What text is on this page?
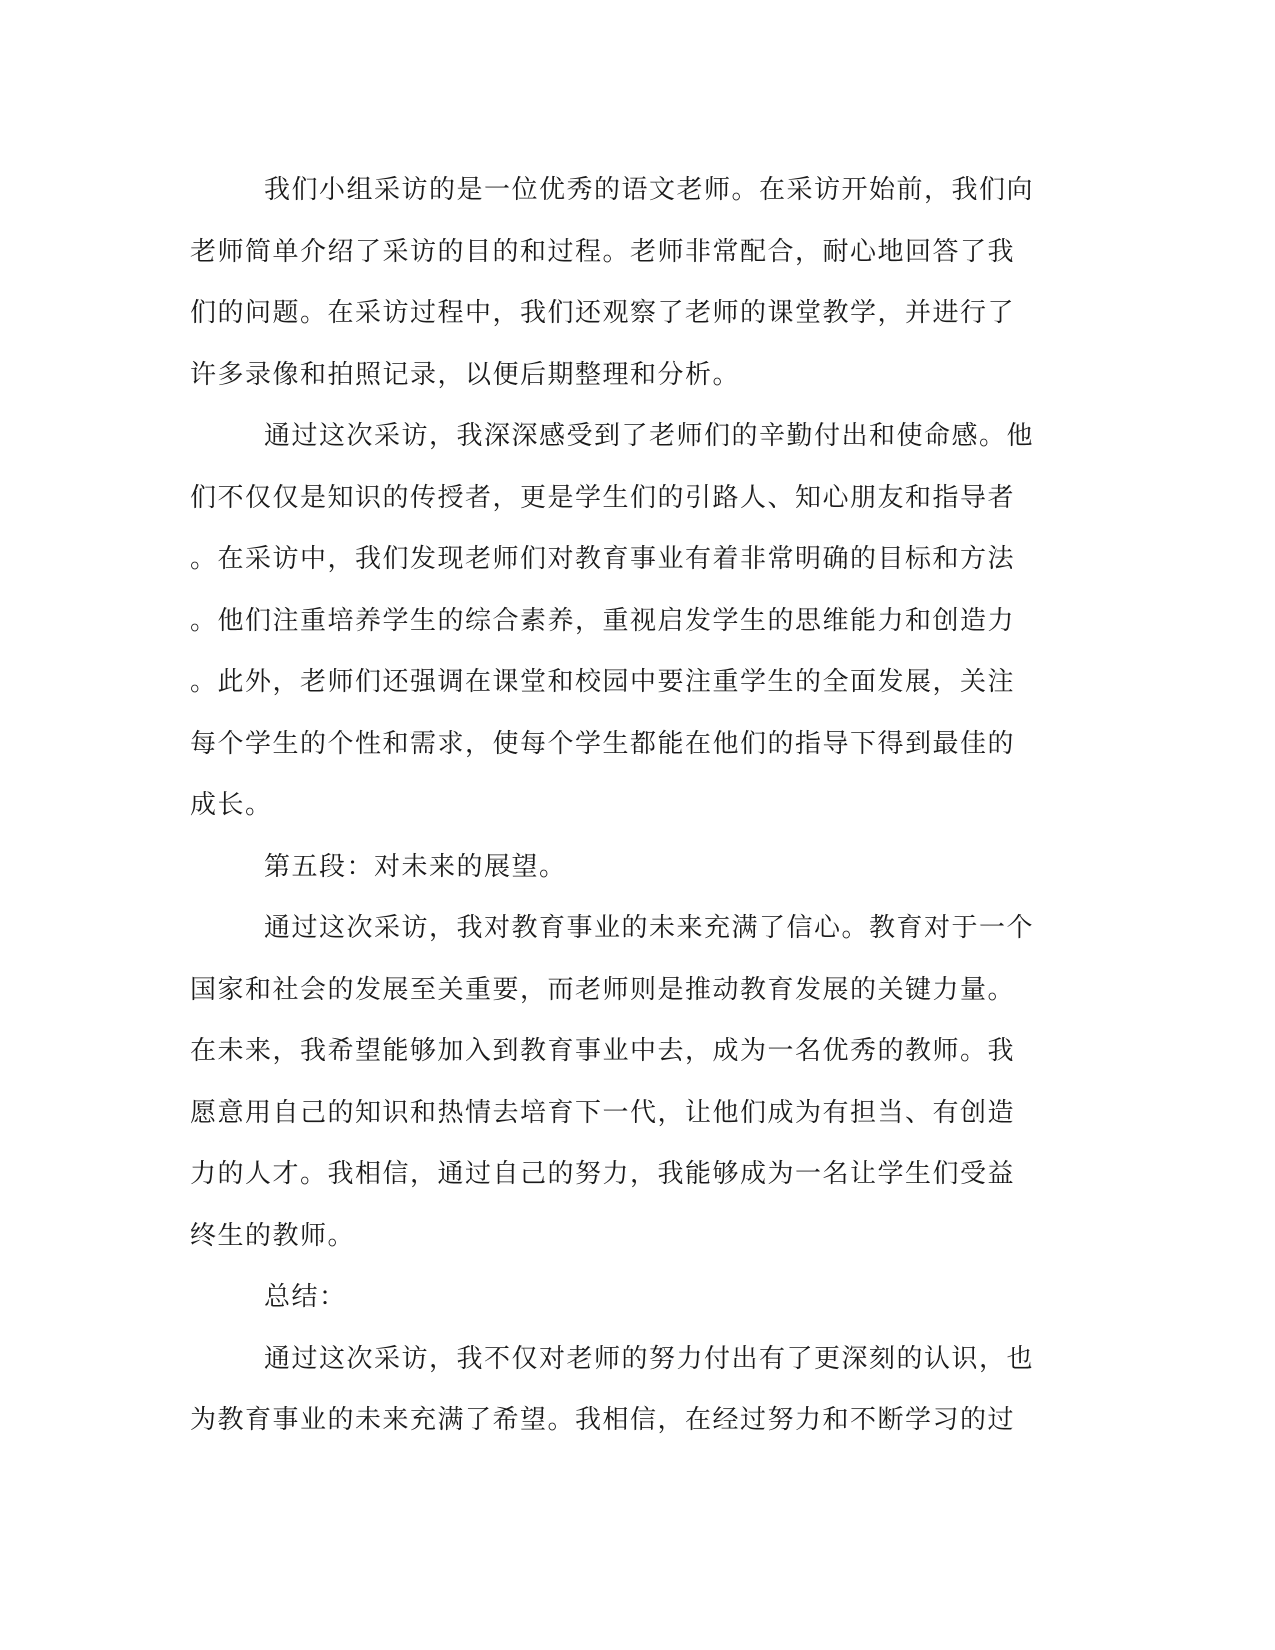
我们小组采访的是一位优秀的语文老师。在采访开始前，我们向
老师简单介绍了采访的目的和过程。老师非常配合，耐心地回答了我
们的问题。在采访过程中，我们还观察了老师的课堂教学，并进行了
许多录像和拍照记录，以便后期整理和分析。
通过这次采访，我深深感受到了老师们的辛勤付出和使命感。他
们不仅仅是知识的传授者，更是学生们的引路人、知心朋友和指导者
。在采访中，我们发现老师们对教育事业有着非常明确的目标和方法
。他们注重培养学生的综合素养，重视启发学生的思维能力和创造力
。此外，老师们还强调在课堂和校园中要注重学生的全面发展，关注
每个学生的个性和需求，使每个学生都能在他们的指导下得到最佳的
成长。
第五段：对未来的展望。
通过这次采访，我对教育事业的未来充满了信心。教育对于一个
国家和社会的发展至关重要，而老师则是推动教育发展的关键力量。
在未来，我希望能够加入到教育事业中去，成为一名优秀的教师。我
愿意用自己的知识和热情去培育下一代，让他们成为有担当、有创造
力的人才。我相信，通过自己的努力，我能够成为一名让学生们受益
终生的教师。
总结：
通过这次采访，我不仅对老师的努力付出有了更深刻的认识，也
为教育事业的未来充满了希望。我相信，在经过努力和不断学习的过
